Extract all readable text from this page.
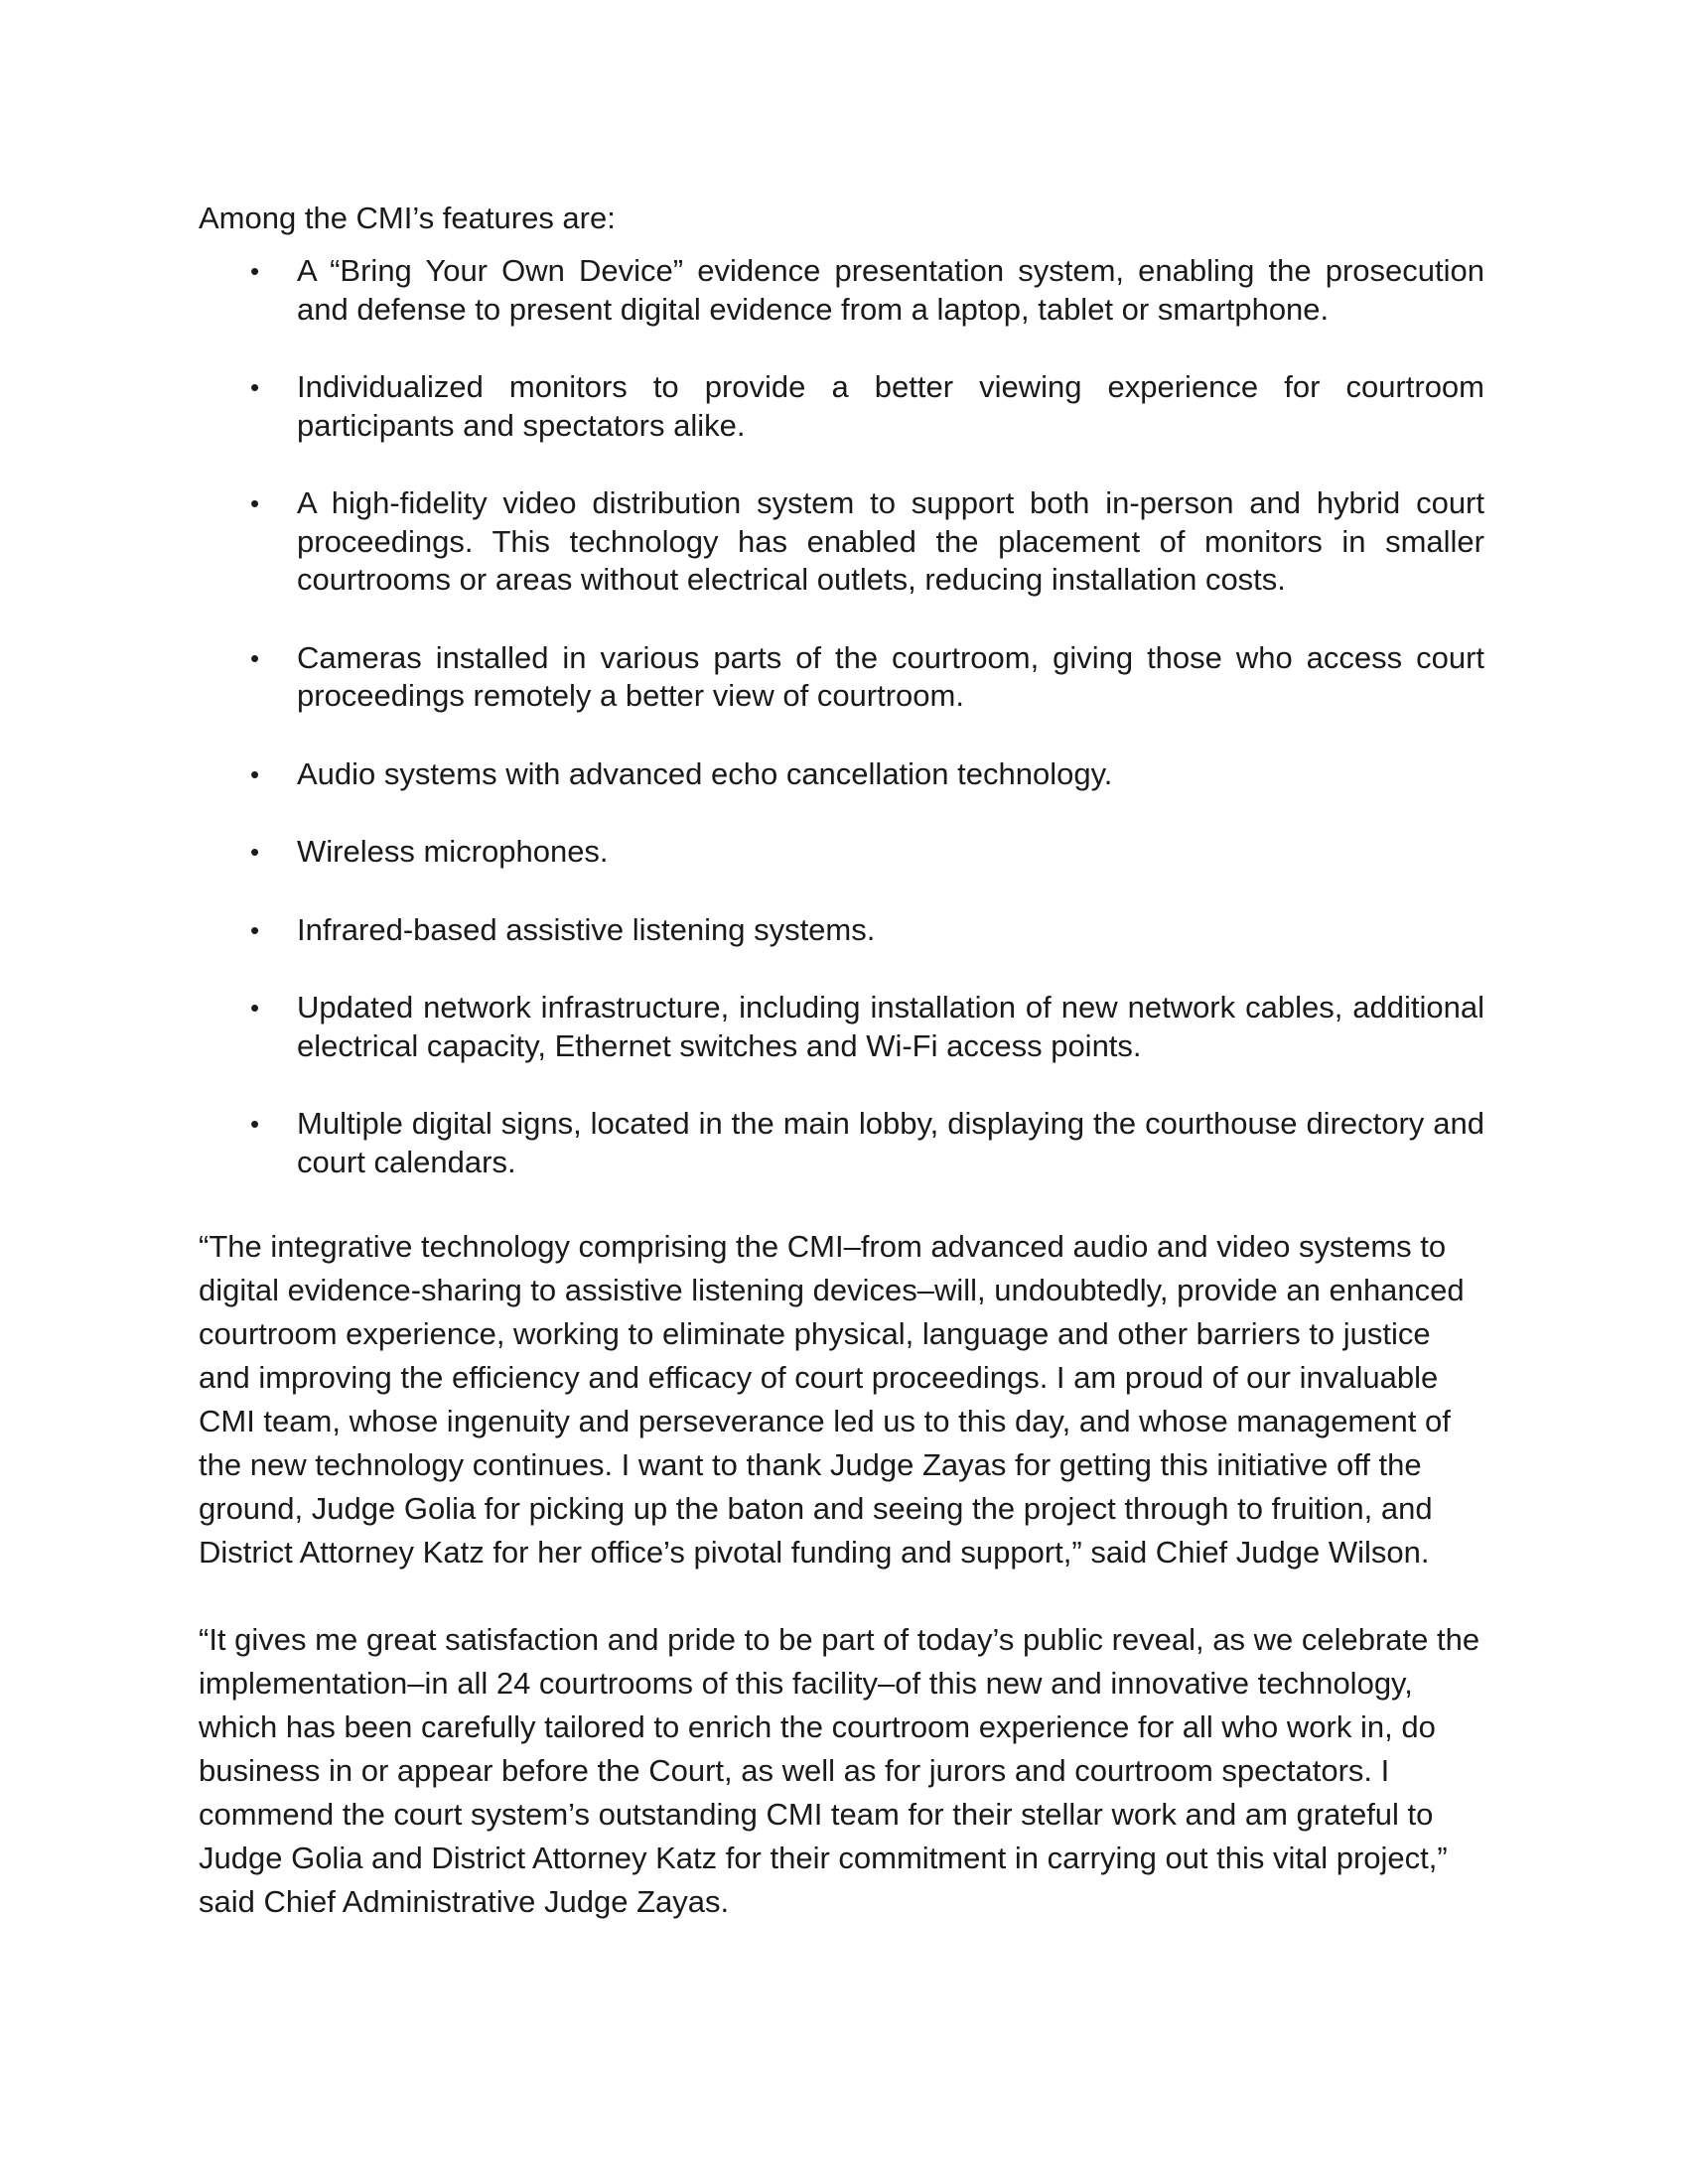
Among the CMI’s features are:

• A “Bring Your Own Device” evidence presentation system, enabling the prosecution and defense to present digital evidence from a laptop, tablet or smartphone.
• Individualized monitors to provide a better viewing experience for courtroom participants and spectators alike.
• A high-fidelity video distribution system to support both in-person and hybrid court proceedings. This technology has enabled the placement of monitors in smaller courtrooms or areas without electrical outlets, reducing installation costs.
• Cameras installed in various parts of the courtroom, giving those who access court proceedings remotely a better view of courtroom.
• Audio systems with advanced echo cancellation technology.
• Wireless microphones.
• Infrared-based assistive listening systems.
• Updated network infrastructure, including installation of new network cables, additional electrical capacity, Ethernet switches and Wi-Fi access points.
• Multiple digital signs, located in the main lobby, displaying the courthouse directory and court calendars.

“The integrative technology comprising the CMI–from advanced audio and video systems to digital evidence-sharing to assistive listening devices–will, undoubtedly, provide an enhanced courtroom experience, working to eliminate physical, language and other barriers to justice and improving the efficiency and efficacy of court proceedings. I am proud of our invaluable CMI team, whose ingenuity and perseverance led us to this day, and whose management of the new technology continues. I want to thank Judge Zayas for getting this initiative off the ground, Judge Golia for picking up the baton and seeing the project through to fruition, and District Attorney Katz for her office’s pivotal funding and support,” said Chief Judge Wilson.

“It gives me great satisfaction and pride to be part of today’s public reveal, as we celebrate the implementation–in all 24 courtrooms of this facility–of this new and innovative technology, which has been carefully tailored to enrich the courtroom experience for all who work in, do business in or appear before the Court, as well as for jurors and courtroom spectators. I commend the court system’s outstanding CMI team for their stellar work and am grateful to Judge Golia and District Attorney Katz for their commitment in carrying out this vital project,” said Chief Administrative Judge Zayas.
